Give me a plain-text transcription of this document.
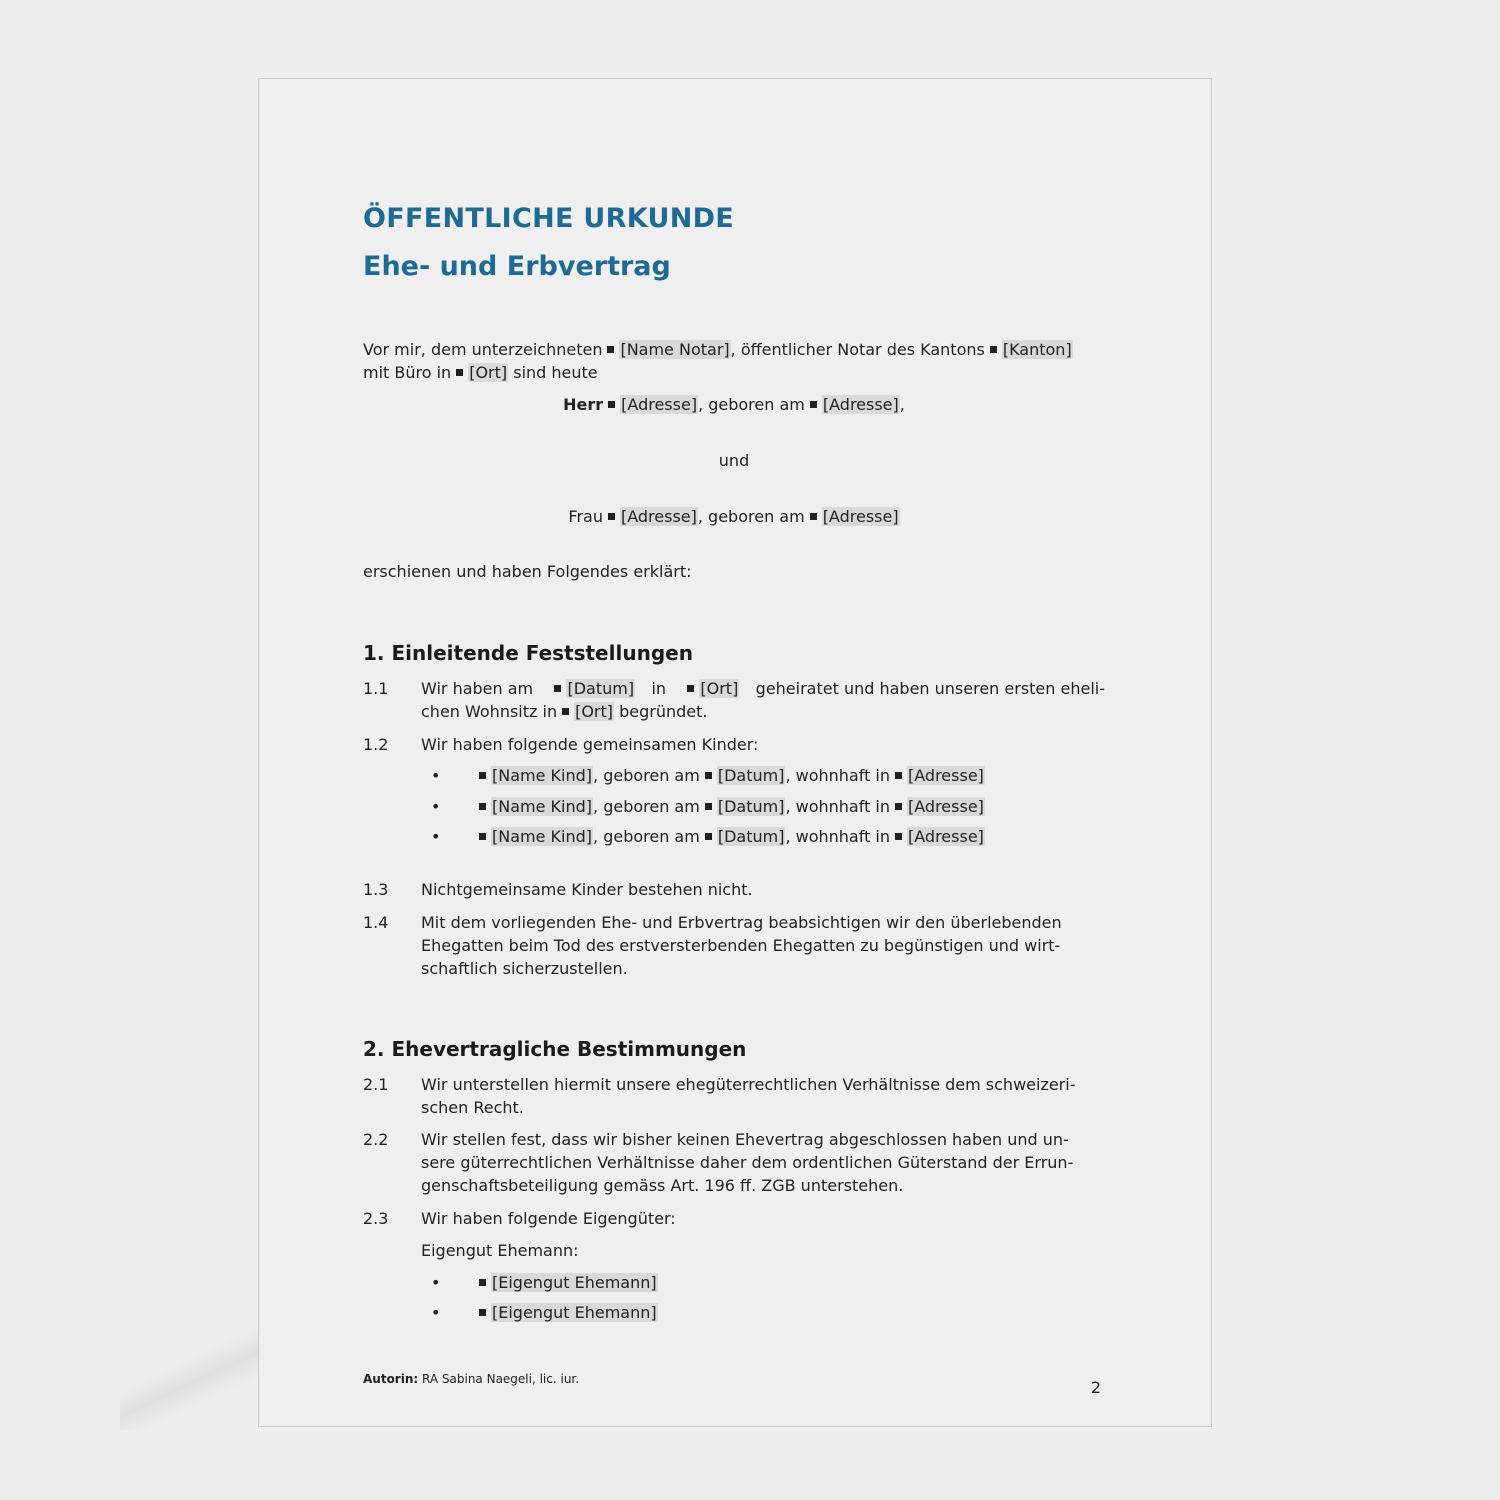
ÖFFENTLICHE URKUNDE
Ehe- und Erbvertrag
Vor mir, dem unterzeichneten [Name Notar], öffentlicher Notar des Kantons [Kanton]
mit Büro in [Ort] sind heute
Herr [Adresse], geboren am [Adresse],
und
Frau [Adresse], geboren am [Adresse]
erschienen und haben Folgendes erklärt:
1. Einleitende Feststellungen
1.1	Wir haben am	[Datum] in	[Ort] geheiratet und haben unseren ersten eheli-
chen Wohnsitz in [Ort] begründet.
1.2	Wir haben folgende gemeinsamen Kinder:
•	[Name Kind], geboren am [Datum], wohnhaft in [Adresse]
•	[Name Kind], geboren am [Datum], wohnhaft in [Adresse]
•	[Name Kind], geboren am [Datum], wohnhaft in [Adresse]
1.3	Nichtgemeinsame Kinder bestehen nicht.
1.4	Mit dem vorliegenden Ehe- und Erbvertrag beabsichtigen wir den überlebenden
Ehegatten beim Tod des erstversterbenden Ehegatten zu begünstigen und wirt-
schaftlich sicherzustellen.
2. Ehevertragliche Bestimmungen
2.1	Wir unterstellen hiermit unsere ehegüterrechtlichen Verhältnisse dem schweizeri-
schen Recht.
2.2	Wir stellen fest, dass wir bisher keinen Ehevertrag abgeschlossen haben und un-
sere güterrechtlichen Verhältnisse daher dem ordentlichen Güterstand der Errun-
genschaftsbeteiligung gemäss Art. 196 ff. ZGB unterstehen.
2.3	Wir haben folgende Eigengüter:
Eigengut Ehemann:
•	[Eigengut Ehemann]
•	[Eigengut Ehemann]
Autorin: RA Sabina Naegeli, lic. iur.	2
